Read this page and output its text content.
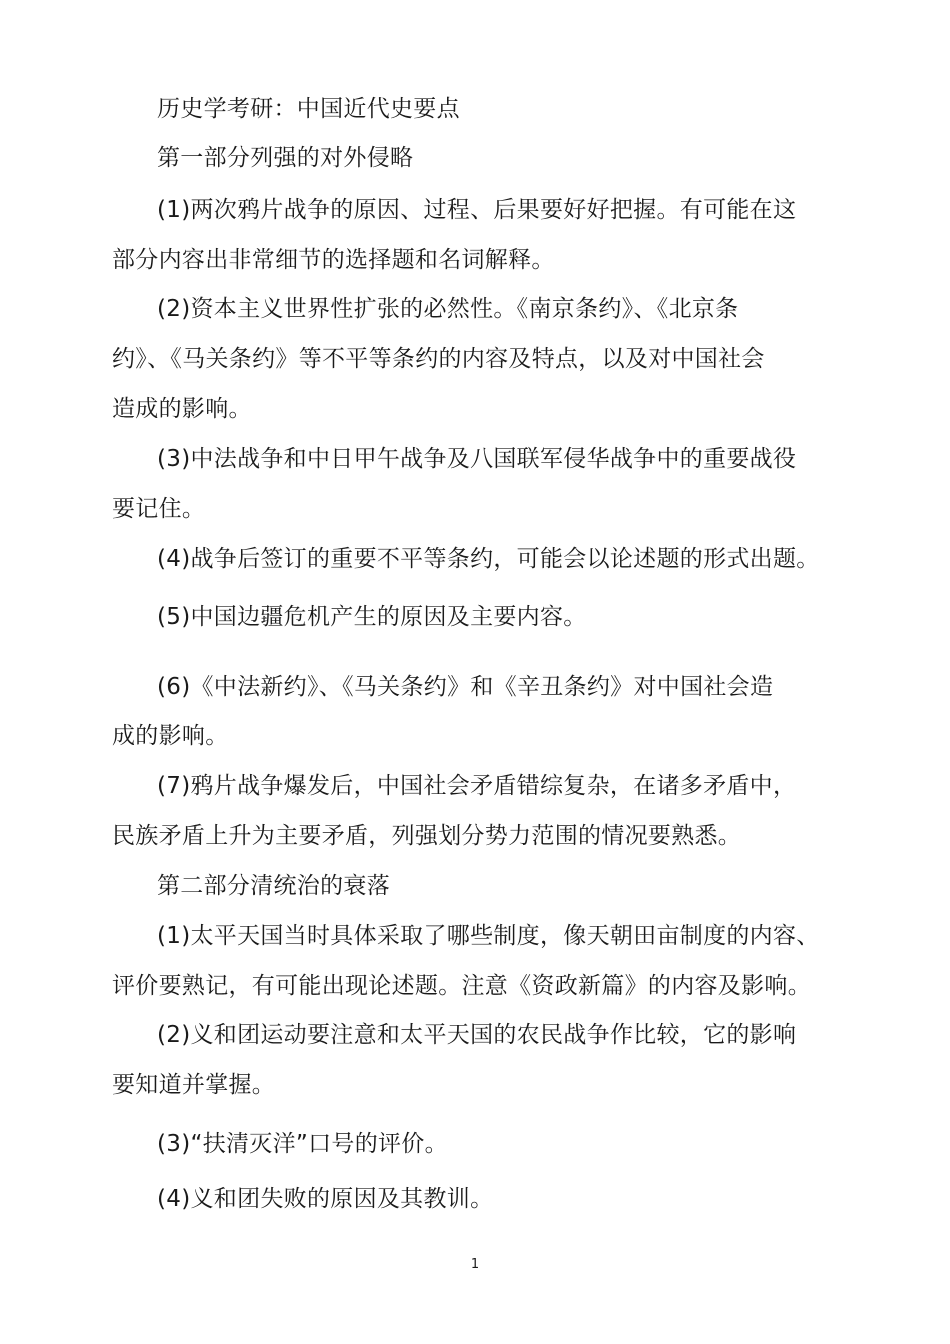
历史学考研：中国近代史要点

第一部分列强的对外侵略

(1)两次鸦片战争的原因、过程、后果要好好把握。有可能在这

部分内容出非常细节的选择题和名词解释。

(2)资本主义世界性扩张的必然性。《南京条约》、《北京条

约》、《马关条约》等不平等条约的内容及特点，以及对中国社会

造成的影响。

(3)中法战争和中日甲午战争及八国联军侵华战争中的重要战役

要记住。

(4)战争后签订的重要不平等条约，可能会以论述题的形式出题。

(5)中国边疆危机产生的原因及主要内容。

(6)《中法新约》、《马关条约》和《辛丑条约》对中国社会造

成的影响。

(7)鸦片战争爆发后，中国社会矛盾错综复杂，在诸多矛盾中，

民族矛盾上升为主要矛盾，列强划分势力范围的情况要熟悉。

第二部分清统治的衰落

(1)太平天国当时具体采取了哪些制度，像天朝田亩制度的内容、

评价要熟记，有可能出现论述题。注意《资政新篇》的内容及影响。

(2)义和团运动要注意和太平天国的农民战争作比较，它的影响

要知道并掌握。

(3)“扶清灭洋”口号的评价。

(4)义和团失败的原因及其教训。

1
